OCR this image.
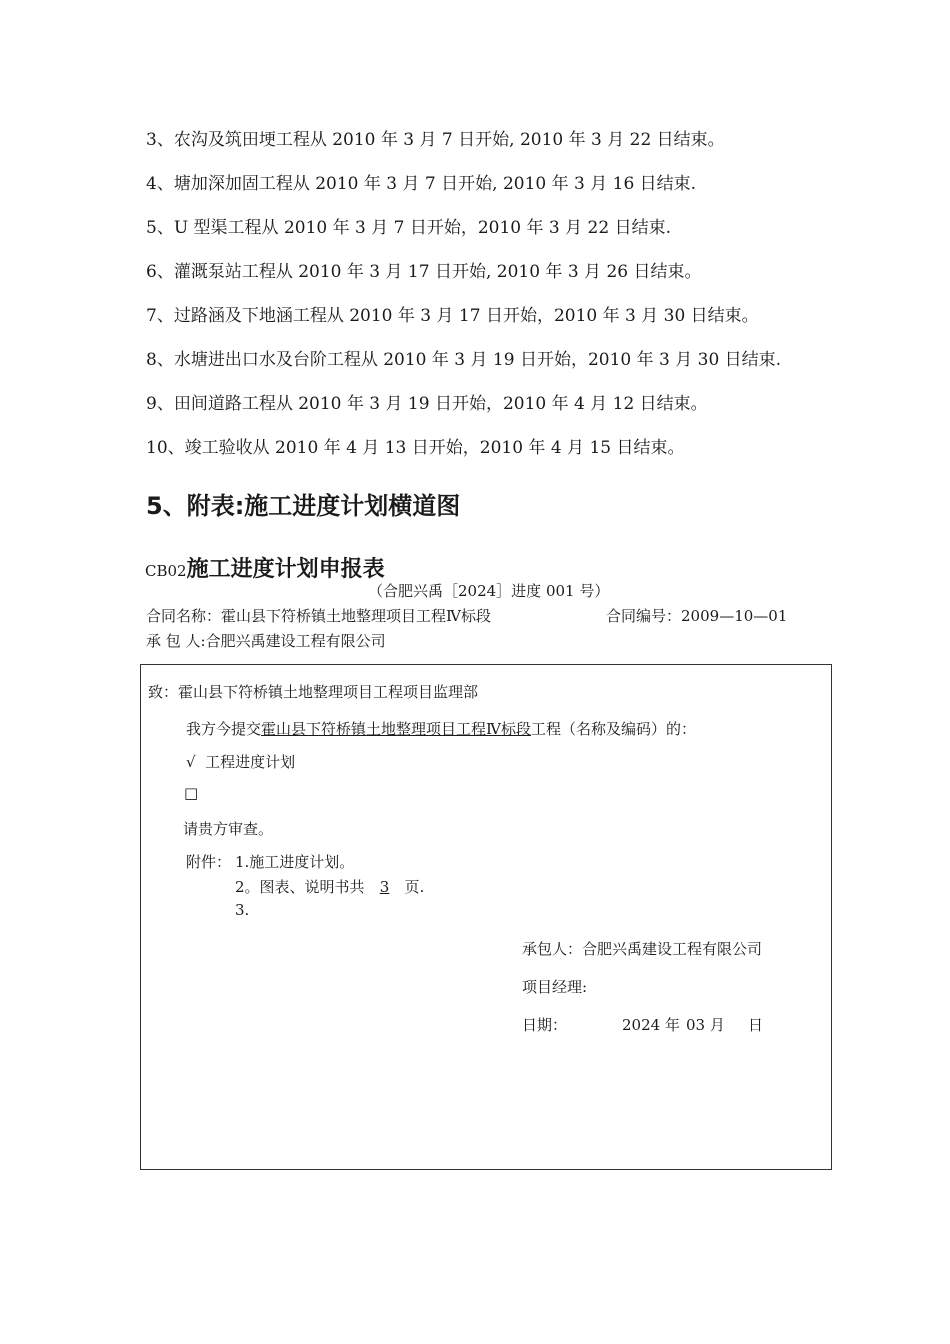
3、农沟及筑田埂工程从 2010 年 3 月 7 日开始, 2010 年 3 月 22 日结束。
4、塘加深加固工程从 2010 年 3 月 7 日开始, 2010 年 3 月 16 日结束.
5、U 型渠工程从 2010 年 3 月 7 日开始，2010 年 3 月 22 日结束.
6、灌溉泵站工程从 2010 年 3 月 17 日开始, 2010 年 3 月 26 日结束。
7、过路涵及下地涵工程从 2010 年 3 月 17 日开始，2010 年 3 月 30 日结束。
8、水塘进出口水及台阶工程从 2010 年 3 月 19 日开始，2010 年 3 月 30 日结束.
9、田间道路工程从 2010 年 3 月 19 日开始，2010 年 4 月 12 日结束。
10、竣工验收从 2010 年 4 月 13 日开始，2010 年 4 月 15 日结束。
5、附表:施工进度计划横道图
CB02施工进度计划申报表
（合肥兴禹［2024］进度 001 号）
合同名称：霍山县下符桥镇土地整理项目工程Ⅳ标段	合同编号：2009—10—01
承 包 人:合肥兴禹建设工程有限公司
致：霍山县下符桥镇土地整理项目工程项目监理部
我方今提交霍山县下符桥镇土地整理项目工程Ⅳ标段工程（名称及编码）的：
√ 工程进度计划
□
请贵方审查。
附件： 1.施工进度计划。
2。图表、说明书共 3 页.
3.
承包人：合肥兴禹建设工程有限公司
项目经理:
日期：	2024 年 03 月 日
